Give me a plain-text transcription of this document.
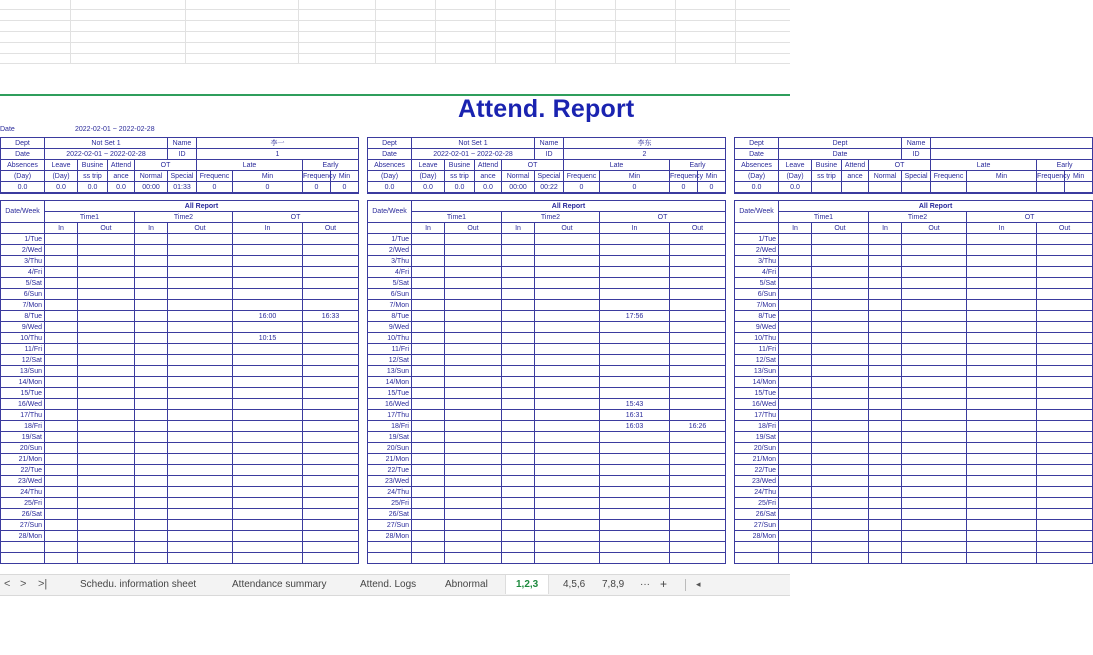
Attend. Report
Date	2022-02-01 ~ 2022-02-28
Dept	Not Set 1				Name	李一			
Date	2022-02-01 ~ 2022-02-28				ID	1			
Absences	Leave	Busine	Attend	OT		Late		Early	
(Day)	(Day)	ss trip	ance	Normal	Special	Frequenc	Min	Frequency	Min
0.0	0.0	0.0	0.0	00:00	01:33	0	0	0	0

Date/Week	All Report								
	Time1			Time2			OT		
	In	Out		In	Out		In	Out	
1/Tue									
2/Wed									
3/Thu									
4/Fri									
5/Sat									
6/Sun									
7/Mon									
8/Tue							16:00	16:33	
9/Wed									
10/Thu							10:15		
11/Fri									
12/Sat									
13/Sun									
14/Mon									
15/Tue									
16/Wed									
17/Thu									
18/Fri									
19/Sat									
20/Sun									
21/Mon									
22/Tue									
23/Wed									
24/Thu									
25/Fri									
26/Sat									
27/Sun									
28/Mon									

Dept	Not Set 1				Name	李东			
Date	2022-02-01 ~ 2022-02-28				ID	2			
Absences	Leave	Busine	Attend	OT		Late		Early	
(Day)	(Day)	ss trip	ance	Normal	Special	Frequenc	Min	Frequency	Min
0.0	0.0	0.0	0.0	00:00	00:22	0	0	0	0

Date/Week	All Report								
	Time1			Time2			OT		
	In	Out		In	Out		In	Out	
1/Tue									
2/Wed									
3/Thu									
4/Fri									
5/Sat									
6/Sun									
7/Mon									
8/Tue							17:56		
9/Wed									
10/Thu									
11/Fri									
12/Sat									
13/Sun									
14/Mon									
15/Tue									
16/Wed							15:43		
17/Thu							16:31		
18/Fri							16:03	16:26	
19/Sat									
20/Sun									
21/Mon									
22/Tue									
23/Wed									
24/Thu									
25/Fri									
26/Sat									
27/Sun									
28/Mon									

Dept	Dept				Name				
Date	Date				ID				
Absences	Leave	Busine	Attend	OT		Late		Early	
(Day)	(Day)	ss trip	ance	Normal	Special	Frequenc	Min	Frequency	Min
0.0	0.0								

Date/Week	All Report								
	Time1			Time2			OT		
	In	Out		In	Out		In	Out	
1/Tue									
2/Wed									
3/Thu									
4/Fri									
5/Sat									
6/Sun									
7/Mon									
8/Tue									
9/Wed									
10/Thu									
11/Fri									
12/Sat									
13/Sun									
14/Mon									
15/Tue									
16/Wed									
17/Thu									
18/Fri									
19/Sat									
20/Sun									
21/Mon									
22/Tue									
23/Wed									
24/Thu									
25/Fri									
26/Sat									
27/Sun									
28/Mon									

< > >|	Schedu. information sheet	Attendance summary	Attend. Logs	Abnormal	1,2,3	4,5,6 7,8,9 ··· +	◂
